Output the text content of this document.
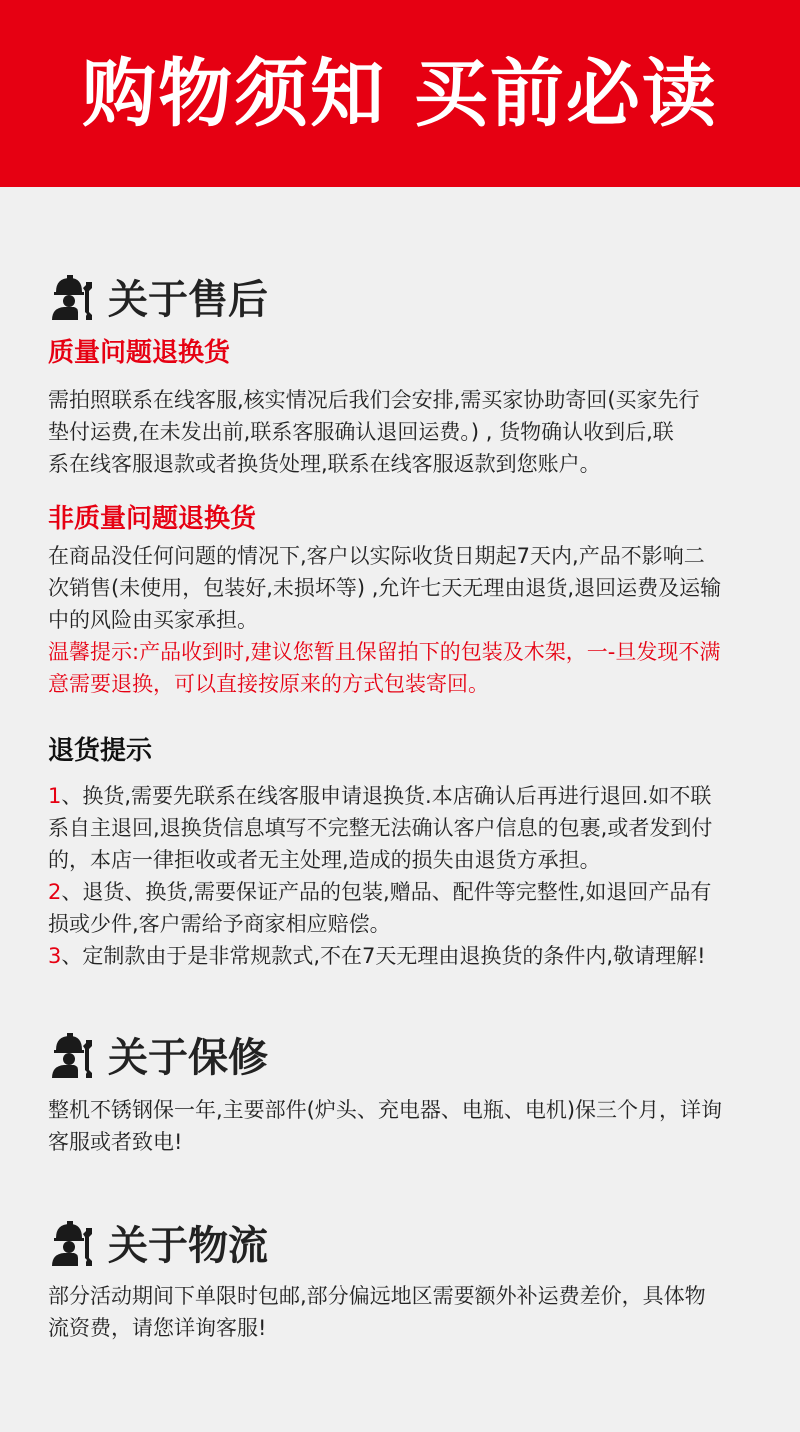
购物须知 买前必读
关于售后

质量问题退换货

需拍照联系在线客服,核实情况后我们会安排,需买家协助寄回(买家先行
垫付运费,在未发出前,联系客服确认退回运费。) , 货物确认收到后,联
系在线客服退款或者换货处理,联系在线客服返款到您账户。

非质量问题退换货

在商品没任何问题的情况下,客户以实际收货日期起7天内,产品不影响二
次销售(未使用，包装好,未损坏等) ,允许七天无理由退货,退回运费及运输
中的风险由买家承担。

温馨提示:产品收到时,建议您暂且保留拍下的包装及木架，一-旦发现不满
意需要退换，可以直接按原来的方式包装寄回。

退货提示

1、换货,需要先联系在线客服申请退换货.本店确认后再进行退回.如不联
系自主退回,退换货信息填写不完整无法确认客户信息的包裹,或者发到付
的，本店一律拒收或者无主处理,造成的损失由退货方承担。
2、退货、换货,需要保证产品的包装,赠品、配件等完整性,如退回产品有
损或少件,客户需给予商家相应赔偿。
3、定制款由于是非常规款式,不在7天无理由退换货的条件内,敬请理解!

关于保修

整机不锈钢保一年,主要部件(炉头、充电器、电瓶、电机)保三个月，详询
客服或者致电!

关于物流

部分活动期间下单限时包邮,部分偏远地区需要额外补运费差价，具体物
流资费，请您详询客服!
